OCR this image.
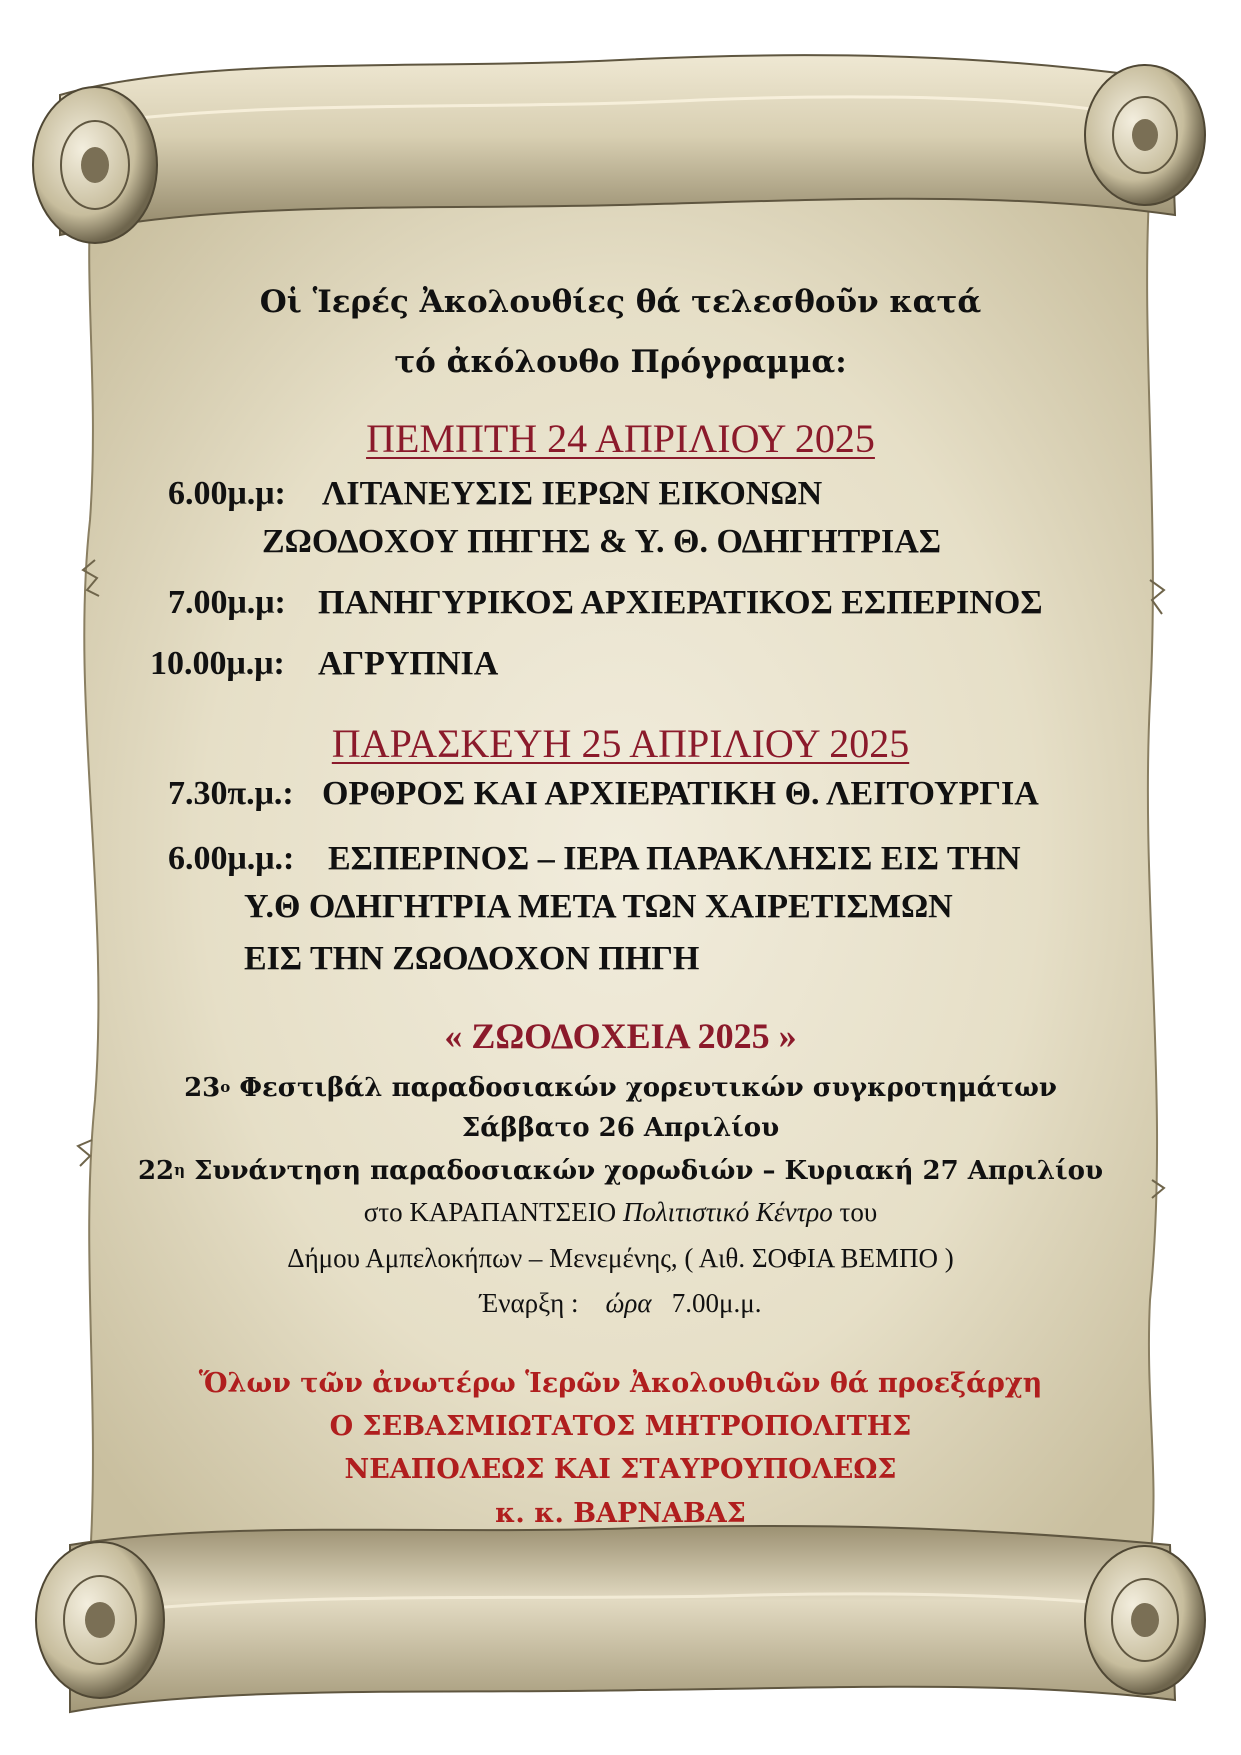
Οἱ Ἱερές Ἀκολουθίες θά τελεσθοῦν κατά
τό ἀκόλουθο Πρόγραμμα:
ΠΕΜΠΤΗ 24 ΑΠΡΙΛΙΟΥ 2025
6.00μ.μ: ΛΙΤΑΝΕΥΣΙΣ ΙΕΡΩΝ ΕΙΚΟΝΩΝ
ΖΩΟΔΟΧΟΥ ΠΗΓΗΣ & Υ. Θ. ΟΔΗΓΗΤΡΙΑΣ
7.00μ.μ: ΠΑΝΗΓΥΡΙΚΟΣ ΑΡΧΙΕΡΑΤΙΚΟΣ ΕΣΠΕΡΙΝΟΣ
10.00μ.μ: ΑΓΡΥΠΝΙΑ
ΠΑΡΑΣΚΕΥΗ 25 ΑΠΡΙΛΙΟΥ 2025
7.30π.μ.: ΟΡΘΡΟΣ ΚΑΙ ΑΡΧΙΕΡΑΤΙΚΗ Θ. ΛΕΙΤΟΥΡΓΙΑ
6.00μ.μ.: ΕΣΠΕΡΙΝΟΣ – ΙΕΡΑ ΠΑΡΑΚΛΗΣΙΣ ΕΙΣ ΤΗΝ
Υ.Θ ΟΔΗΓΗΤΡΙΑ ΜΕΤΑ ΤΩΝ ΧΑΙΡΕΤΙΣΜΩΝ
ΕΙΣ ΤΗΝ ΖΩΟΔΟΧΟΝ ΠΗΓΗ
« ΖΩΟΔΟΧΕΙΑ 2025 »
$23^o$ Φεστιβάλ παραδοσιακών χορευτικών συγκροτημάτων
Σάββατο 26 Απριλίου
$22^\eta$ Συνάντηση παραδοσιακών χορωδιών – Κυριακή 27 Απριλίου
στο ΚΑΡΑΠΑΝΤΣΕΙΟ Πολιτιστικό Κέντρο του
Δήμου Αμπελοκήπων – Μενεμένης, ( Αιθ. ΣΟΦΙΑ ΒΕΜΠΟ )
Έναρξη : ώρα 7.00μ.μ.
Ὅλων τῶν ἀνωτέρω Ἱερῶν Ἀκολουθιῶν θά προεξάρχη
Ο ΣΕΒΑΣΜΙΩΤΑΤΟΣ ΜΗΤΡΟΠΟΛΙΤΗΣ
ΝΕΑΠΟΛΕΩΣ ΚΑΙ ΣΤΑΥΡΟΥΠΟΛΕΩΣ
κ. κ. ΒΑΡΝΑΒΑΣ
